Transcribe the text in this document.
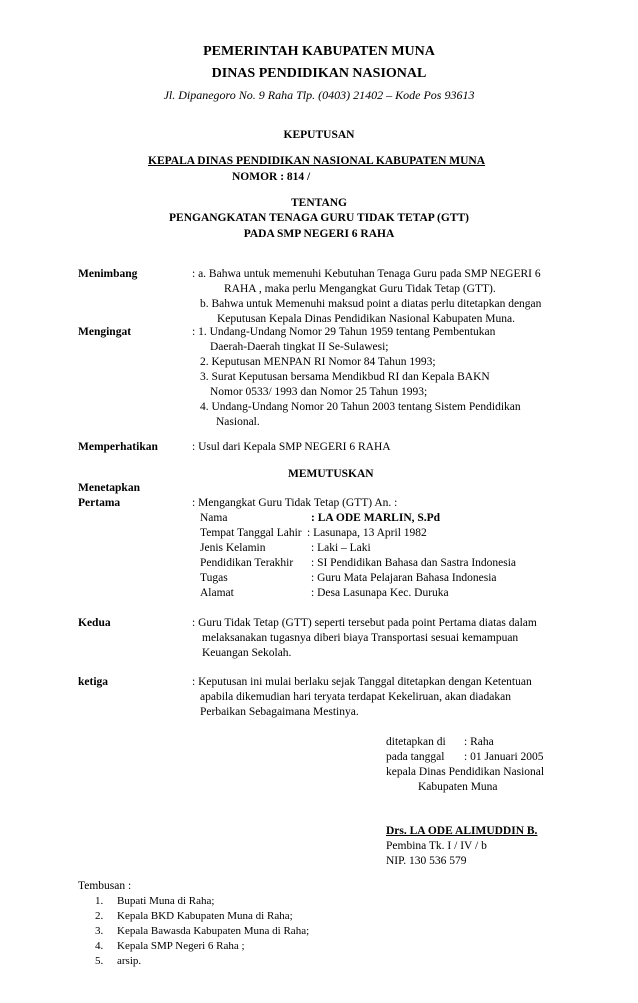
PEMERINTAH KABUPATEN MUNA
DINAS PENDIDIKAN NASIONAL
Jl. Dipanegoro No. 9 Raha Tlp. (0403) 21402 – Kode Pos 93613
KEPUTUSAN
KEPALA DINAS PENDIDIKAN NASIONAL KABUPATEN MUNA
NOMOR : 814 /
TENTANG
PENGANGKATAN TENAGA GURU TIDAK TETAP (GTT)
PADA SMP NEGERI 6 RAHA
Menimbang	: a. Bahwa untuk memenuhi Kebutuhan Tenaga Guru pada SMP NEGERI 6
RAHA , maka perlu Mengangkat Guru Tidak Tetap (GTT).
b. Bahwa untuk Memenuhi maksud point a diatas perlu ditetapkan dengan
Keputusan Kepala Dinas Pendidikan Nasional Kabupaten Muna.
Mengingat	: 1. Undang-Undang Nomor 29 Tahun 1959 tentang Pembentukan
Daerah-Daerah tingkat II Se-Sulawesi;
2. Keputusan MENPAN RI Nomor 84 Tahun 1993;
3. Surat Keputusan bersama Mendikbud RI dan Kepala BAKN
Nomor 0533/ 1993 dan Nomor 25 Tahun 1993;
4. Undang-Undang Nomor 20 Tahun 2003 tentang Sistem Pendidikan
Nasional.
Memperhatikan	: Usul dari Kepala SMP NEGERI 6 RAHA
MEMUTUSKAN
Menetapkan
Pertama	: Mengangkat Guru Tidak Tetap (GTT) An. :
Nama	: LA ODE MARLIN, S.Pd
Tempat Tanggal Lahir : Lasunapa, 13 April 1982
Jenis Kelamin	: Laki – Laki
Pendidikan Terakhir : SI Pendidikan Bahasa dan Sastra Indonesia
Tugas	: Guru Mata Pelajaran Bahasa Indonesia
Alamat	: Desa Lasunapa Kec. Duruka
Kedua	: Guru Tidak Tetap (GTT) seperti tersebut pada point Pertama diatas dalam
melaksanakan tugasnya diberi biaya Transportasi sesuai kemampuan
Keuangan Sekolah.
ketiga	: Keputusan ini mulai berlaku sejak Tanggal ditetapkan dengan Ketentuan
apabila dikemudian hari teryata terdapat Kekeliruan, akan diadakan
Perbaikan Sebagaimana Mestinya.
ditetapkan di : Raha
pada tanggal : 01 Januari 2005
kepala Dinas Pendidikan Nasional
Kabupaten Muna
Drs. LA ODE ALIMUDDIN B.
Pembina Tk. I / IV / b
NIP. 130 536 579
Tembusan :
1. Bupati Muna di Raha;
2. Kepala BKD Kabupaten Muna di Raha;
3. Kepala Bawasda Kabupaten Muna di Raha;
4. Kepala SMP Negeri 6 Raha ;
5. arsip.
